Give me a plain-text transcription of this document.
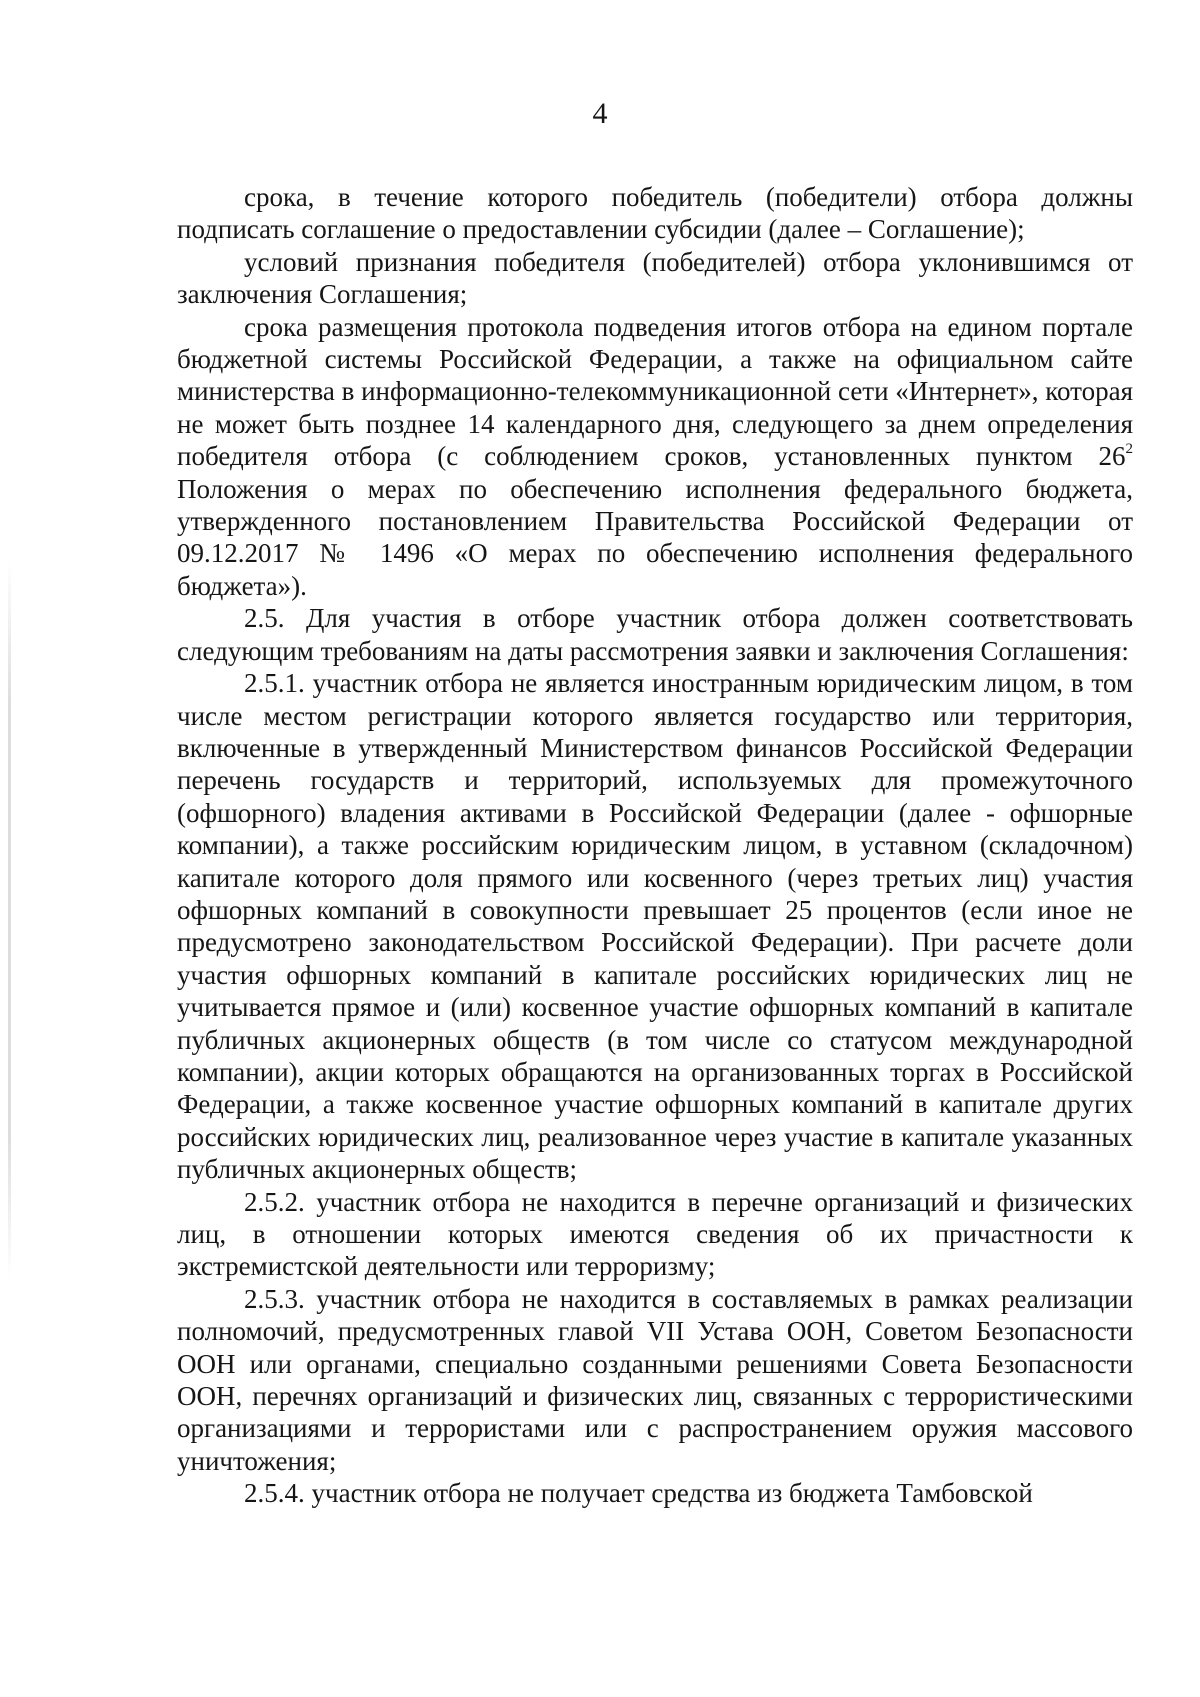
4

срока, в течение которого победитель (победители) отбора должны подписать соглашение о предоставлении субсидии (далее – Соглашение);

условий признания победителя (победителей) отбора уклонившимся от заключения Соглашения;

срока размещения протокола подведения итогов отбора на едином портале бюджетной системы Российской Федерации, а также на официальном сайте министерства в информационно-телекоммуникационной сети «Интернет», которая не может быть позднее 14 календарного дня, следующего за днем определения победителя отбора (с соблюдением сроков, установленных пунктом $26^2$ Положения о мерах по обеспечению исполнения федерального бюджета, утвержденного постановлением Правительства Российской Федерации от 09.12.2017 № 1496 «О мерах по обеспечению исполнения федерального бюджета»).

2.5. Для участия в отборе участник отбора должен соответствовать следующим требованиям на даты рассмотрения заявки и заключения Соглашения:

2.5.1. участник отбора не является иностранным юридическим лицом, в том числе местом регистрации которого является государство или территория, включенные в утвержденный Министерством финансов Российской Федерации перечень государств и территорий, используемых для промежуточного (офшорного) владения активами в Российской Федерации (далее - офшорные компании), а также российским юридическим лицом, в уставном (складочном) капитале которого доля прямого или косвенного (через третьих лиц) участия офшорных компаний в совокупности превышает 25 процентов (если иное не предусмотрено законодательством Российской Федерации). При расчете доли участия офшорных компаний в капитале российских юридических лиц не учитывается прямое и (или) косвенное участие офшорных компаний в капитале публичных акционерных обществ (в том числе со статусом международной компании), акции которых обращаются на организованных торгах в Российской Федерации, а также косвенное участие офшорных компаний в капитале других российских юридических лиц, реализованное через участие в капитале указанных публичных акционерных обществ;

2.5.2. участник отбора не находится в перечне организаций и физических лиц, в отношении которых имеются сведения об их причастности к экстремистской деятельности или терроризму;

2.5.3. участник отбора не находится в составляемых в рамках реализации полномочий, предусмотренных главой VII Устава ООН, Советом Безопасности ООН или органами, специально созданными решениями Совета Безопасности ООН, перечнях организаций и физических лиц, связанных с террористическими организациями и террористами или с распространением оружия массового уничтожения;

2.5.4. участник отбора не получает средства из бюджета Тамбовской
